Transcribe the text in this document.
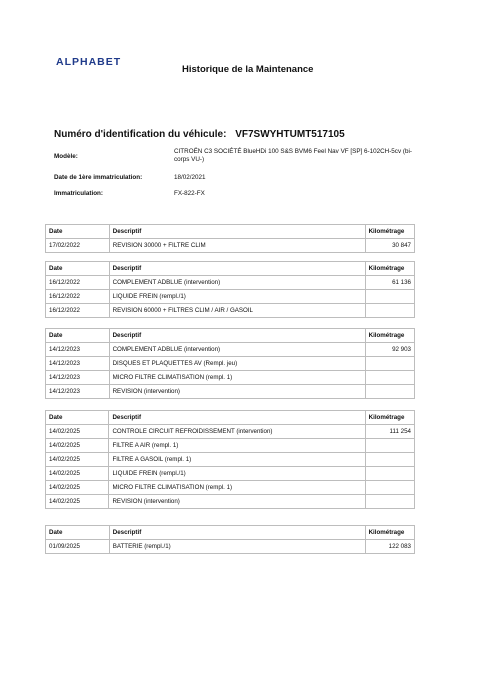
ALPHABET
Historique de la Maintenance
Numéro d'identification du véhicule: VF7SWYHTUMT517105
Modèle:
CITROËN C3 SOCIÉTÉ BlueHDi 100 S&S BVM6 Feel Nav VF [SP] 6-102CH-5cv (bi-corps VU-)
Date de 1ère immatriculation:	18/02/2021
Immatriculation:	FX-822-FX
Date	Descriptif	Kilométrage
17/02/2022	REVISION 30000 + FILTRE CLIM	30 847
Date	Descriptif	Kilométrage
16/12/2022	COMPLEMENT ADBLUE (intervention)	61 136
16/12/2022	LIQUIDE FREIN (rempl./1)	
16/12/2022	REVISION 60000 + FILTRES CLIM / AIR / GASOIL	
Date	Descriptif	Kilométrage
14/12/2023	COMPLEMENT ADBLUE (intervention)	92 903
14/12/2023	DISQUES ET PLAQUETTES AV (Rempl. jeu)	
14/12/2023	MICRO FILTRE CLIMATISATION (rempl. 1)	
14/12/2023	REVISION (intervention)	
Date	Descriptif	Kilométrage
14/02/2025	CONTROLE CIRCUIT REFROIDISSEMENT (intervention)	111 254
14/02/2025	FILTRE A AIR (rempl. 1)	
14/02/2025	FILTRE A GASOIL (rempl. 1)	
14/02/2025	LIQUIDE FREIN (rempl./1)	
14/02/2025	MICRO FILTRE CLIMATISATION (rempl. 1)	
14/02/2025	REVISION (intervention)	
Date	Descriptif	Kilométrage
01/09/2025	BATTERIE (rempl./1)	122 083
